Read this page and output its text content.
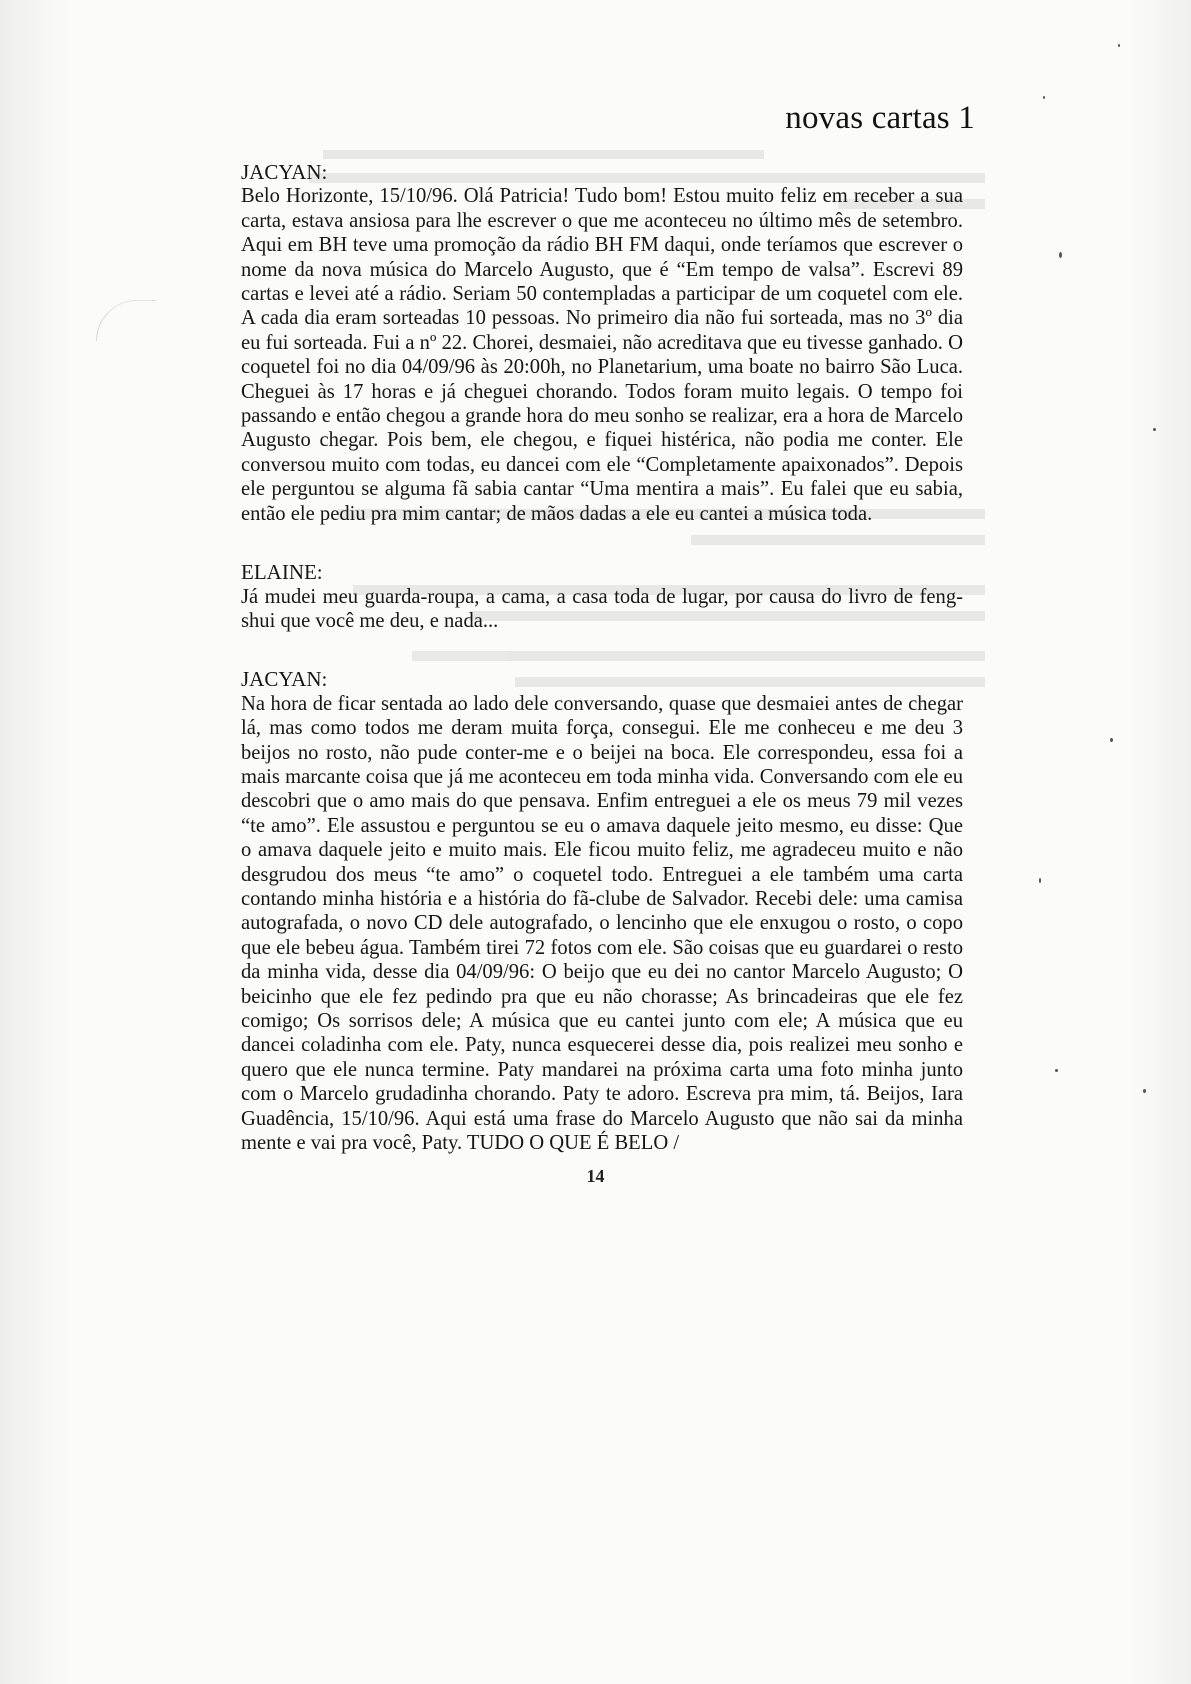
novas cartas 1

JACYAN:

Belo Horizonte, 15/10/96. Olá Patricia! Tudo bom! Estou muito feliz em receber a sua carta, estava ansiosa para lhe escrever o que me aconteceu no último mês de setembro. Aqui em BH teve uma promoção da rádio BH FM daqui, onde teríamos que escrever o nome da nova música do Marcelo Augusto, que é “Em tempo de valsa”. Escrevi 89 cartas e levei até a rádio. Seriam 50 contempladas a participar de um coquetel com ele. A cada dia eram sorteadas 10 pessoas. No primeiro dia não fui sorteada, mas no 3º dia eu fui sorteada. Fui a nº 22. Chorei, desmaiei, não acreditava que eu tivesse ganhado. O coquetel foi no dia 04/09/96 às 20:00h, no Planetarium, uma boate no bairro São Luca. Cheguei às 17 horas e já cheguei chorando. Todos foram muito legais. O tempo foi passando e então chegou a grande hora do meu sonho se realizar, era a hora de Marcelo Augusto chegar. Pois bem, ele chegou, e fiquei histérica, não podia me conter. Ele conversou muito com todas, eu dancei com ele “Completamente apaixonados”. Depois ele perguntou se alguma fã sabia cantar “Uma mentira a mais”. Eu falei que eu sabia, então ele pediu pra mim cantar; de mãos dadas a ele eu cantei a música toda.

ELAINE:

Já mudei meu guarda-roupa, a cama, a casa toda de lugar, por causa do livro de feng-shui que você me deu, e nada...

JACYAN:

Na hora de ficar sentada ao lado dele conversando, quase que desmaiei antes de chegar lá, mas como todos me deram muita força, consegui. Ele me conheceu e me deu 3 beijos no rosto, não pude conter-me e o beijei na boca. Ele correspondeu, essa foi a mais marcante coisa que já me aconteceu em toda minha vida. Conversando com ele eu descobri que o amo mais do que pensava. Enfim entreguei a ele os meus 79 mil vezes “te amo”. Ele assustou e perguntou se eu o amava daquele jeito mesmo, eu disse: Que o amava daquele jeito e muito mais. Ele ficou muito feliz, me agradeceu muito e não desgrudou dos meus “te amo” o coquetel todo. Entreguei a ele também uma carta contando minha história e a história do fã-clube de Salvador. Recebi dele: uma camisa autografada, o novo CD dele autografado, o lencinho que ele enxugou o rosto, o copo que ele bebeu água. Também tirei 72 fotos com ele. São coisas que eu guardarei o resto da minha vida, desse dia 04/09/96: O beijo que eu dei no cantor Marcelo Augusto; O beicinho que ele fez pedindo pra que eu não chorasse; As brincadeiras que ele fez comigo; Os sorrisos dele; A música que eu cantei junto com ele; A música que eu dancei coladinha com ele. Paty, nunca esquecerei desse dia, pois realizei meu sonho e quero que ele nunca termine. Paty mandarei na próxima carta uma foto minha junto com o Marcelo grudadinha chorando. Paty te adoro. Escreva pra mim, tá. Beijos, Iara Guadência, 15/10/96. Aqui está uma frase do Marcelo Augusto que não sai da minha mente e vai pra você, Paty. TUDO O QUE É BELO /

14
